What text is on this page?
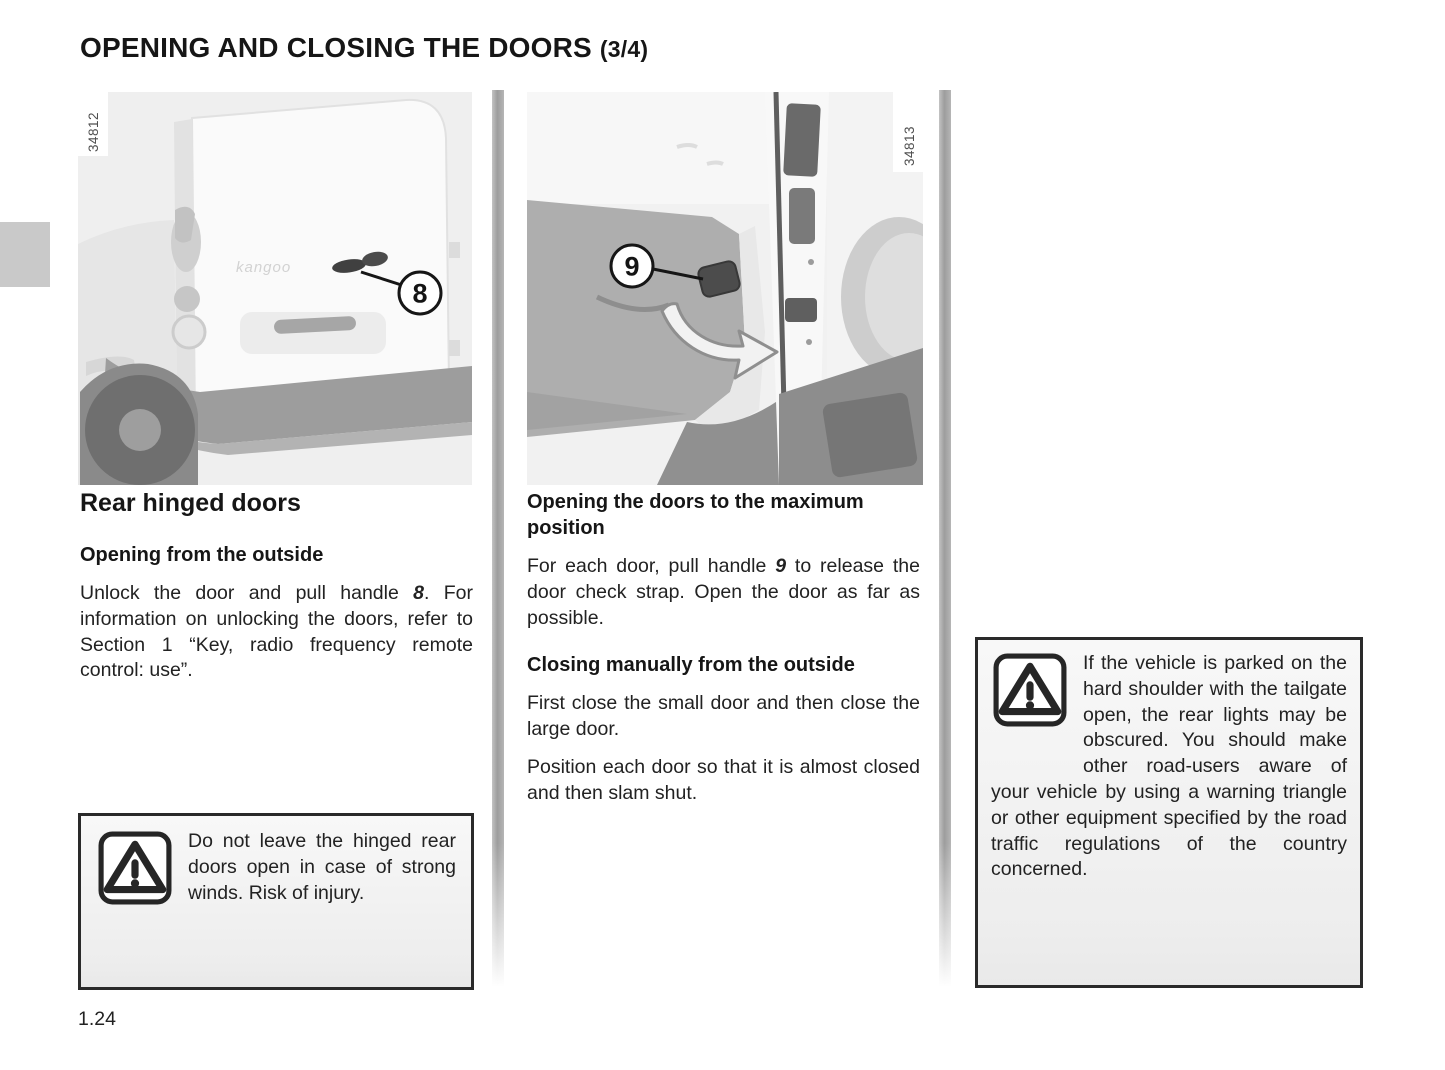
OPENING AND CLOSING THE DOORS (3/4)
kangoo
8
34812
9
34813
Rear hinged doors
Opening from the outside

Unlock the door and pull handle 8. For information on unlocking the doors, refer to Section 1 “Key, radio frequency remote control: use”.

Opening the doors to the maximum position

For each door, pull handle 9 to release the door check strap. Open the door as far as possible.

Closing manually from the outside

First close the small door and then close the large door.

Position each door so that it is almost closed and then slam shut.

Do not leave the hinged rear doors open in case of strong winds. Risk of injury.
If the vehicle is parked on the hard shoulder with the tailgate open, the rear lights may be obscured. You should make other road-users aware of your vehicle by using a warning triangle or other equipment specified by the road traffic regulations of the country concerned.
1.24
